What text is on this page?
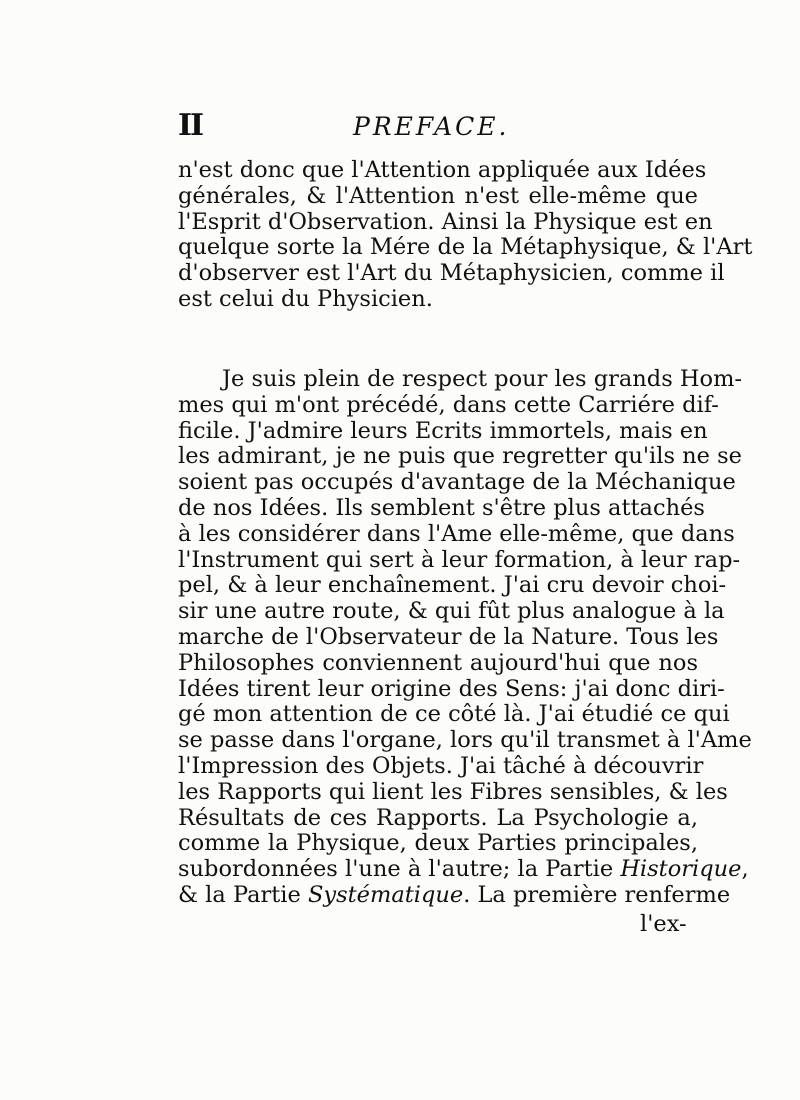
II	PREFACE.
n'est donc que l'Attention appliquée aux Idées
générales, & l'Attention n'est elle-même que
l'Esprit d'Observation. Ainsi la Physique est en
quelque sorte la Mére de la Métaphysique, & l'Art
d'observer est l'Art du Métaphysicien, comme il
est celui du Physicien.
Je suis plein de respect pour les grands Hom-
mes qui m'ont précédé, dans cette Carriére dif-
ficile. J'admire leurs Ecrits immortels, mais en
les admirant, je ne puis que regretter qu'ils ne se
soient pas occupés d'avantage de la Méchanique
de nos Idées. Ils semblent s'être plus attachés
à les considérer dans l'Ame elle-même, que dans
l'Instrument qui sert à leur formation, à leur rap-
pel, & à leur enchaînement. J'ai cru devoir choi-
sir une autre route, & qui fût plus analogue à la
marche de l'Observateur de la Nature. Tous les
Philosophes conviennent aujourd'hui que nos
Idées tirent leur origine des Sens: j'ai donc diri-
gé mon attention de ce côté là. J'ai étudié ce qui
se passe dans l'organe, lors qu'il transmet à l'Ame
l'Impression des Objets. J'ai tâché à découvrir
les Rapports qui lient les Fibres sensibles, & les
Résultats de ces Rapports. La Psychologie a,
comme la Physique, deux Parties principales,
subordonnées l'une à l'autre; la Partie Historique,
& la Partie Systématique. La première renferme
l'ex-
